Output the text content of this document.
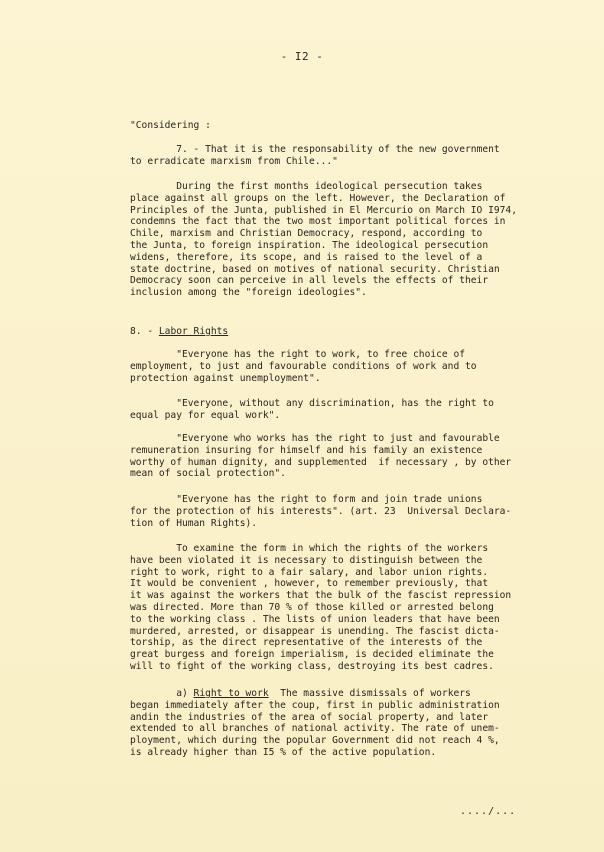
- I2 -

"Considering :

7. - That it is the responsability of the new government
to erradicate marxism from Chile..."

During the first months ideological persecution takes
place against all groups on the left. However, the Declaration of
Principles of the Junta, published in El Mercurio on March IO I974,
condemns the fact that the two most important political forces in
Chile, marxism and Christian Democracy, respond, according to
the Junta, to foreign inspiration. The ideological persecution
widens, therefore, its scope, and is raised to the level of a
state doctrine, based on motives of national security. Christian
Democracy soon can perceive in all levels the effects of their
inclusion among the "foreign ideologies".

8. - Labor Rights

"Everyone has the right to work, to free choice of
employment, to just and favourable conditions of work and to
protection against unemployment".

"Everyone, without any discrimination, has the right to
equal pay for equal work".

"Everyone who works has the right to just and favourable
remuneration insuring for himself and his family an existence
worthy of human dignity, and supplemented  if necessary , by other
mean of social protection".

"Everyone has the right to form and join trade unions
for the protection of his interests". (art. 23  Universal Declara-
tion of Human Rights).

To examine the form in which the rights of the workers
have been violated it is necessary to distinguish between the
right to work, right to a fair salary, and labor union rights.
It would be convenient , however, to remember previously, that
it was against the workers that the bulk of the fascist repression
was directed. More than 70 % of those killed or arrested belong
to the working class . The lists of union leaders that have been
murdered, arrested, or disappear is unending. The fascist dicta-
torship, as the direct representative of the interests of the
great burgess and foreign imperialism, is decided eliminate the
will to fight of the working class, destroying its best cadres.

a) Right to work  The massive dismissals of workers
began immediately after the coup, first in public administration
andin the industries of the area of social property, and later
extended to all branches of national activity. The rate of unem-
ployment, which during the popular Government did not reach 4 %,
is already higher than I5 % of the active population.

..../...
